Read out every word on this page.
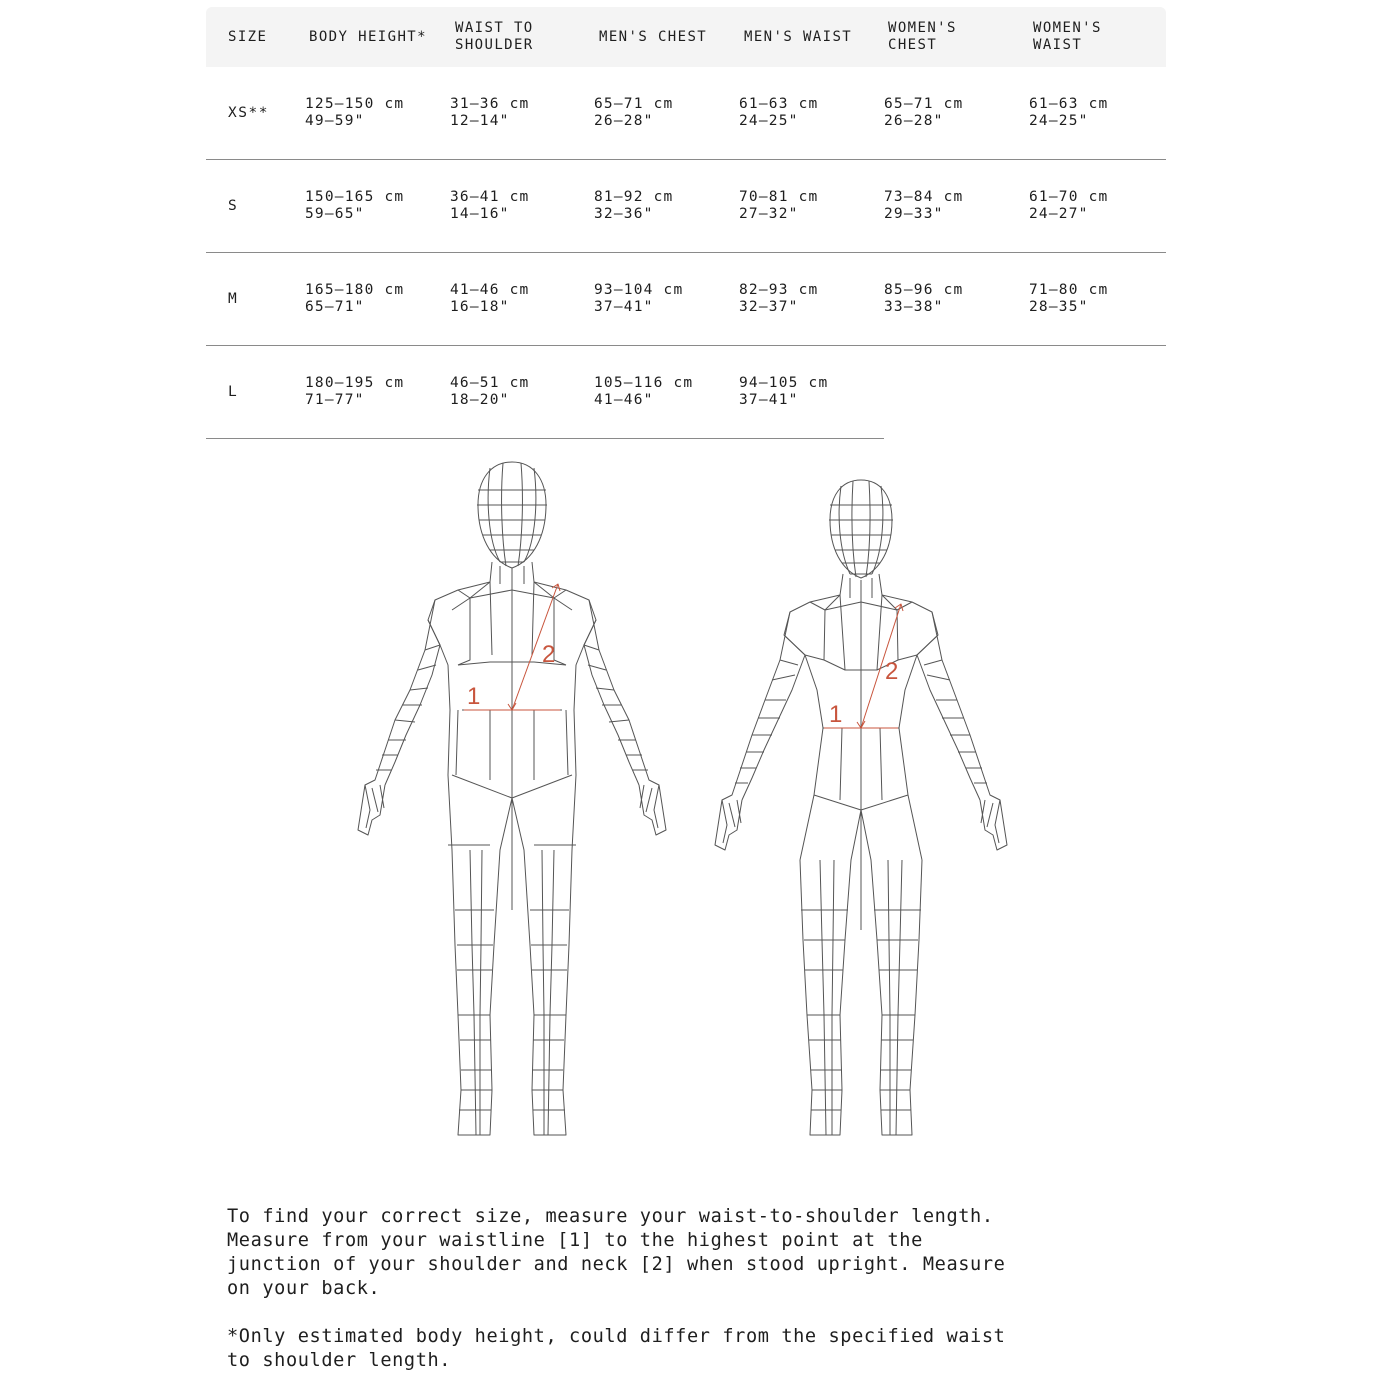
SIZE	BODY HEIGHT*
WAIST TO
SHOULDER
MEN'S CHEST	MEN'S WAIST
WOMEN'S
CHEST
WOMEN'S
WAIST
XS**
125–150 cm
49–59"
31–36 cm
12–14"
65–71 cm
26–28"
61–63 cm
24–25"
65–71 cm
26–28"
61–63 cm
24–25"
S
150–165 cm
59–65"
36–41 cm
14–16"
81–92 cm
32–36"
70–81 cm
27–32"
73–84 cm
29–33"
61–70 cm
24–27"
M
165–180 cm
65–71"
41–46 cm
16–18"
93–104 cm
37–41"
82–93 cm
32–37"
85–96 cm
33–38"
71–80 cm
28–35"
L
180–195 cm
71–77"
46–51 cm
18–20"
105–116 cm
41–46"
94–105 cm
37–41"
1
2
1
2

To find your correct size, measure your waist-to-shoulder length.
Measure from your waistline [1] to the highest point at the
junction of your shoulder and neck [2] when stood upright. Measure
on your back.

*Only estimated body height, could differ from the specified waist
to shoulder length.
